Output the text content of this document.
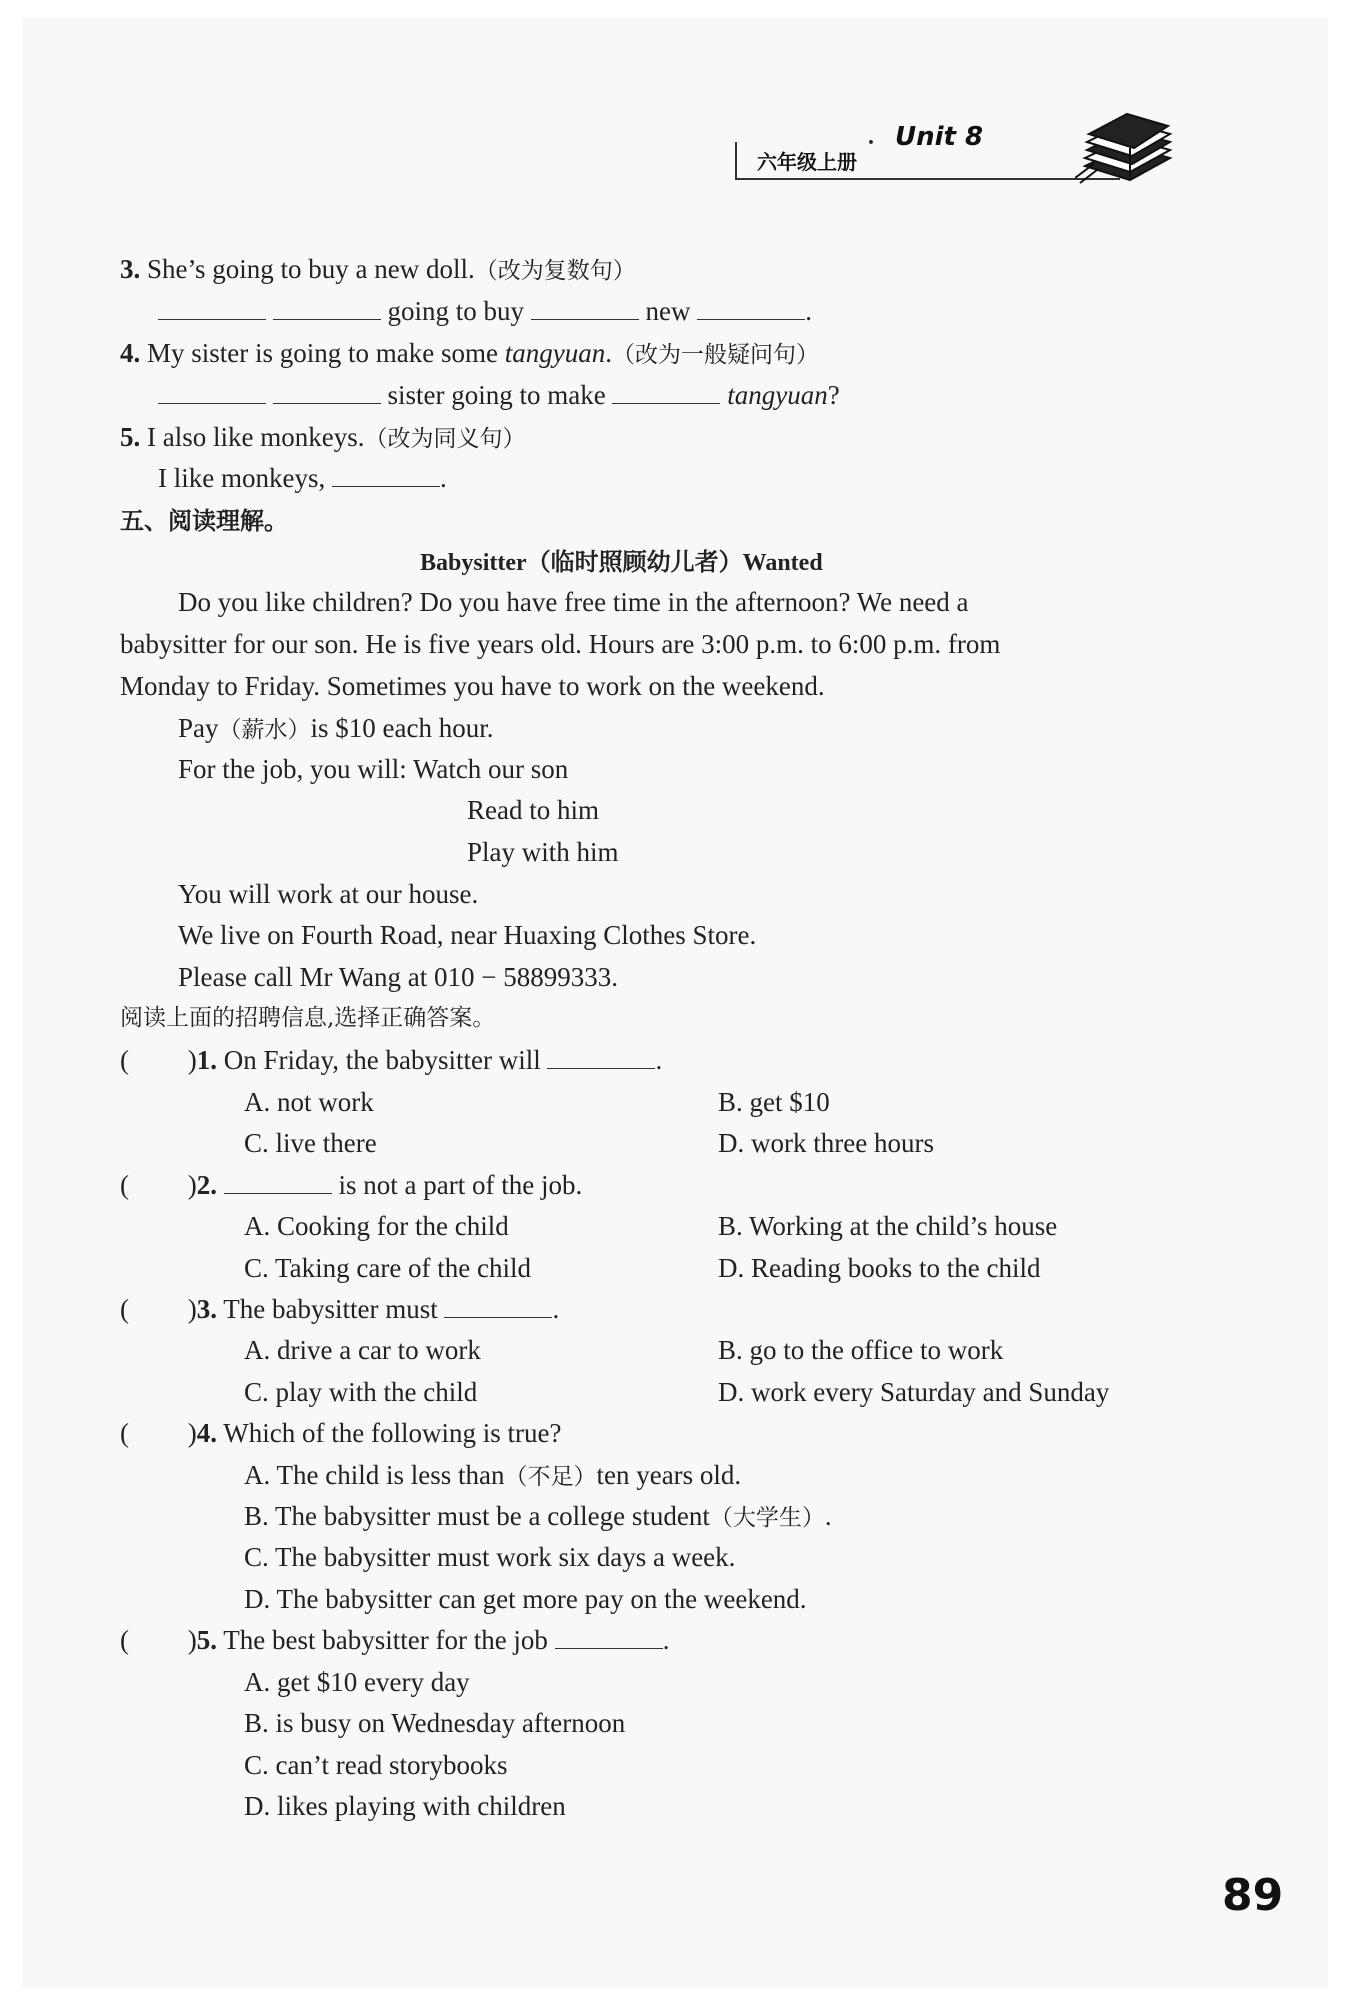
六年级上册
· Unit 8
3. She’s going to buy a new doll.（改为复数句）
going to buy	new	.
4. My sister is going to make some tangyuan.（改为一般疑问句）
sister going to make	tangyuan?
5. I also like monkeys.（改为同义句）
I like monkeys,	.
五、阅读理解。
Babysitter（临时照顾幼儿者）Wanted
Do you like children? Do you have free time in the afternoon? We need a
babysitter for our son. He is five years old. Hours are 3:00 p.m. to 6:00 p.m. from
Monday to Friday. Sometimes you have to work on the weekend.
Pay（薪水）is $10 each hour.
For the job, you will: Watch our son
Read to him
Play with him
You will work at our house.
We live on Fourth Road, near Huaxing Clothes Store.
Please call Mr Wang at 010 − 58899333.
阅读上面的招聘信息,选择正确答案。
( )1. On Friday, the babysitter will	.
A. not work	B. get $10
C. live there	D. work three hours
( )2.	is not a part of the job.
A. Cooking for the child	B. Working at the child’s house
C. Taking care of the child	D. Reading books to the child
( )3. The babysitter must	.
A. drive a car to work	B. go to the office to work
C. play with the child	D. work every Saturday and Sunday
( )4. Which of the following is true?
A. The child is less than（不足）ten years old.
B. The babysitter must be a college student（大学生）.
C. The babysitter must work six days a week.
D. The babysitter can get more pay on the weekend.
( )5. The best babysitter for the job	.
A. get $10 every day
B. is busy on Wednesday afternoon
C. can’t read storybooks
D. likes playing with children
89
